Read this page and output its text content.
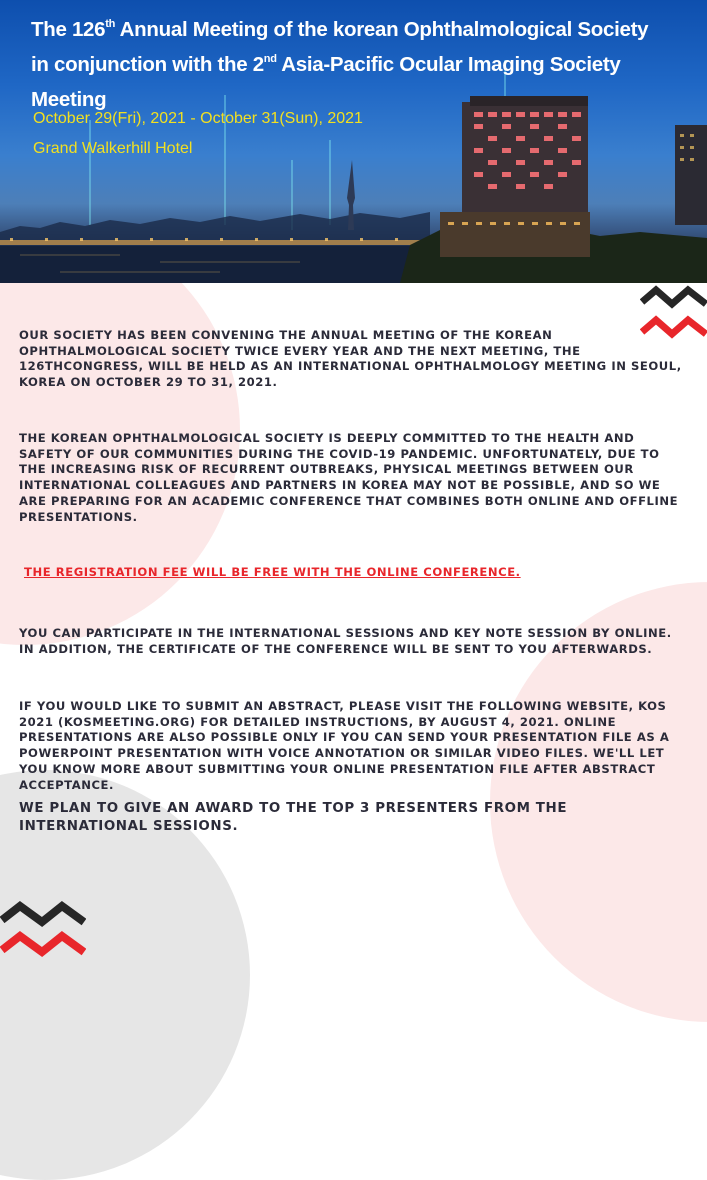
The 126th Annual Meeting of the korean Ophthalmological Society
in conjunction with the 2nd Asia-Pacific Ocular Imaging Society Meeting
October 29(Fri), 2021 - October 31(Sun), 2021
Grand Walkerhill Hotel
OUR SOCIETY HAS BEEN CONVENING THE ANNUAL MEETING OF THE KOREAN OPHTHALMOLOGICAL SOCIETY TWICE EVERY YEAR AND THE NEXT MEETING, THE 126THCONGRESS, WILL BE HELD AS AN INTERNATIONAL OPHTHALMOLOGY MEETING IN SEOUL, KOREA ON OCTOBER 29 TO 31, 2021.
THE KOREAN OPHTHALMOLOGICAL SOCIETY IS DEEPLY COMMITTED TO THE HEALTH AND SAFETY OF OUR COMMUNITIES DURING THE COVID-19 PANDEMIC. UNFORTUNATELY, DUE TO THE INCREASING RISK OF RECURRENT OUTBREAKS, PHYSICAL MEETINGS BETWEEN OUR INTERNATIONAL COLLEAGUES AND PARTNERS IN KOREA MAY NOT BE POSSIBLE, AND SO WE ARE PREPARING FOR AN ACADEMIC CONFERENCE THAT COMBINES BOTH ONLINE AND OFFLINE PRESENTATIONS.
THE REGISTRATION FEE WILL BE FREE WITH THE ONLINE CONFERENCE.
YOU CAN PARTICIPATE IN THE INTERNATIONAL SESSIONS AND KEY NOTE SESSION BY ONLINE. IN ADDITION, THE CERTIFICATE OF THE CONFERENCE WILL BE SENT TO YOU AFTERWARDS.
IF YOU WOULD LIKE TO SUBMIT AN ABSTRACT, PLEASE VISIT THE FOLLOWING WEBSITE, KOS 2021 (KOSMEETING.ORG) FOR DETAILED INSTRUCTIONS, BY AUGUST 4, 2021. ONLINE PRESENTATIONS ARE ALSO POSSIBLE ONLY IF YOU CAN SEND YOUR PRESENTATION FILE AS A POWERPOINT PRESENTATION WITH VOICE ANNOTATION OR SIMILAR VIDEO FILES. WE'LL LET YOU KNOW MORE ABOUT SUBMITTING YOUR ONLINE PRESENTATION FILE AFTER ABSTRACT ACCEPTANCE.
WE PLAN TO GIVE AN AWARD TO THE TOP 3 PRESENTERS FROM THE INTERNATIONAL SESSIONS.
